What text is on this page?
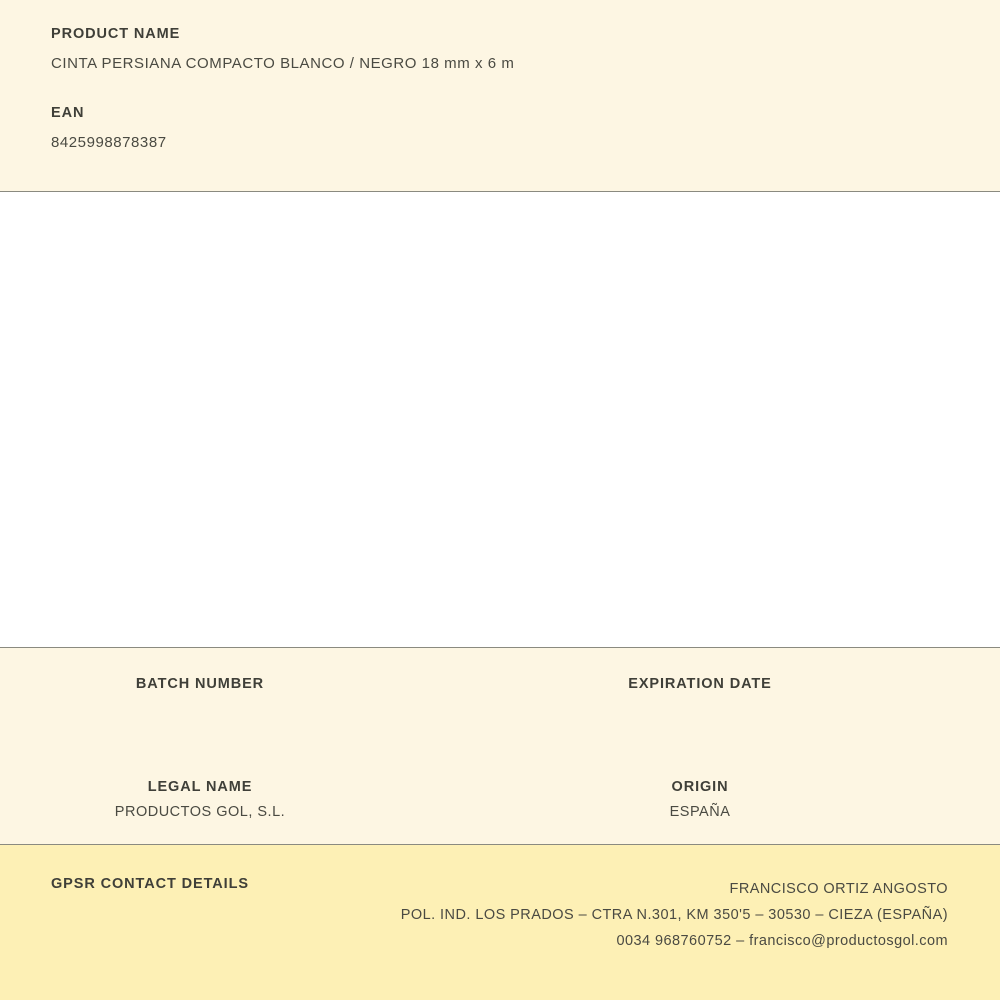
PRODUCT NAME
CINTA PERSIANA COMPACTO BLANCO / NEGRO 18 mm x 6 m
EAN
8425998878387
BATCH NUMBER	EXPIRATION DATE
LEGAL NAME
PRODUCTOS GOL, S.L.
ORIGIN
ESPAÑA
GPSR CONTACT DETAILS	FRANCISCO ORTIZ ANGOSTO
POL. IND. LOS PRADOS – CTRA N.301, KM 350'5 – 30530 – CIEZA (ESPAÑA)
0034 968760752 – francisco@productosgol.com
